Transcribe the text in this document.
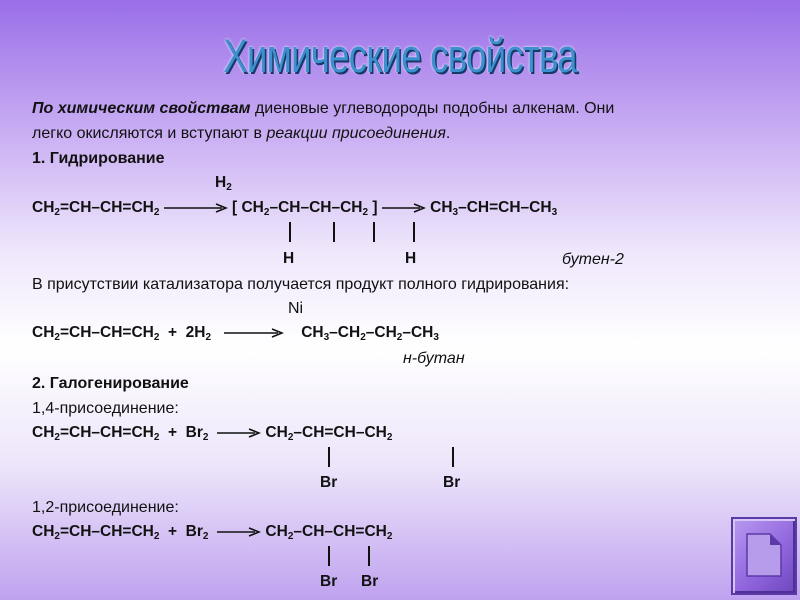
Химические свойства
По химическим свойствам диеновые углеводороды подобны алкенам. Они
легко окисляются и вступают в реакции присоединения.
1. Гидрирование
$H_2$
$CH_2=CH-CH=CH_2$	[ $CH_2-CH-CH-CH_2$ ] → $CH_3-CH=CH-CH_3$
H	H	бутен-2
В присутствии катализатора получается продукт полного гидрирования:
Ni
$CH_2=CH-CH=CH_2 + 2H_2 \to CH_3-CH_2-CH_2-CH_3$
н-бутан
2. Галогенирование
1,4-присоединение:
$CH_2=CH-CH=CH_2 + Br_2 \to CH_2-CH=CH-CH_2$
Br	Br
1,2-присоединение:
$CH_2=CH-CH=CH_2 + Br_2 \to CH_2-CH-CH=CH_2$
Br Br
